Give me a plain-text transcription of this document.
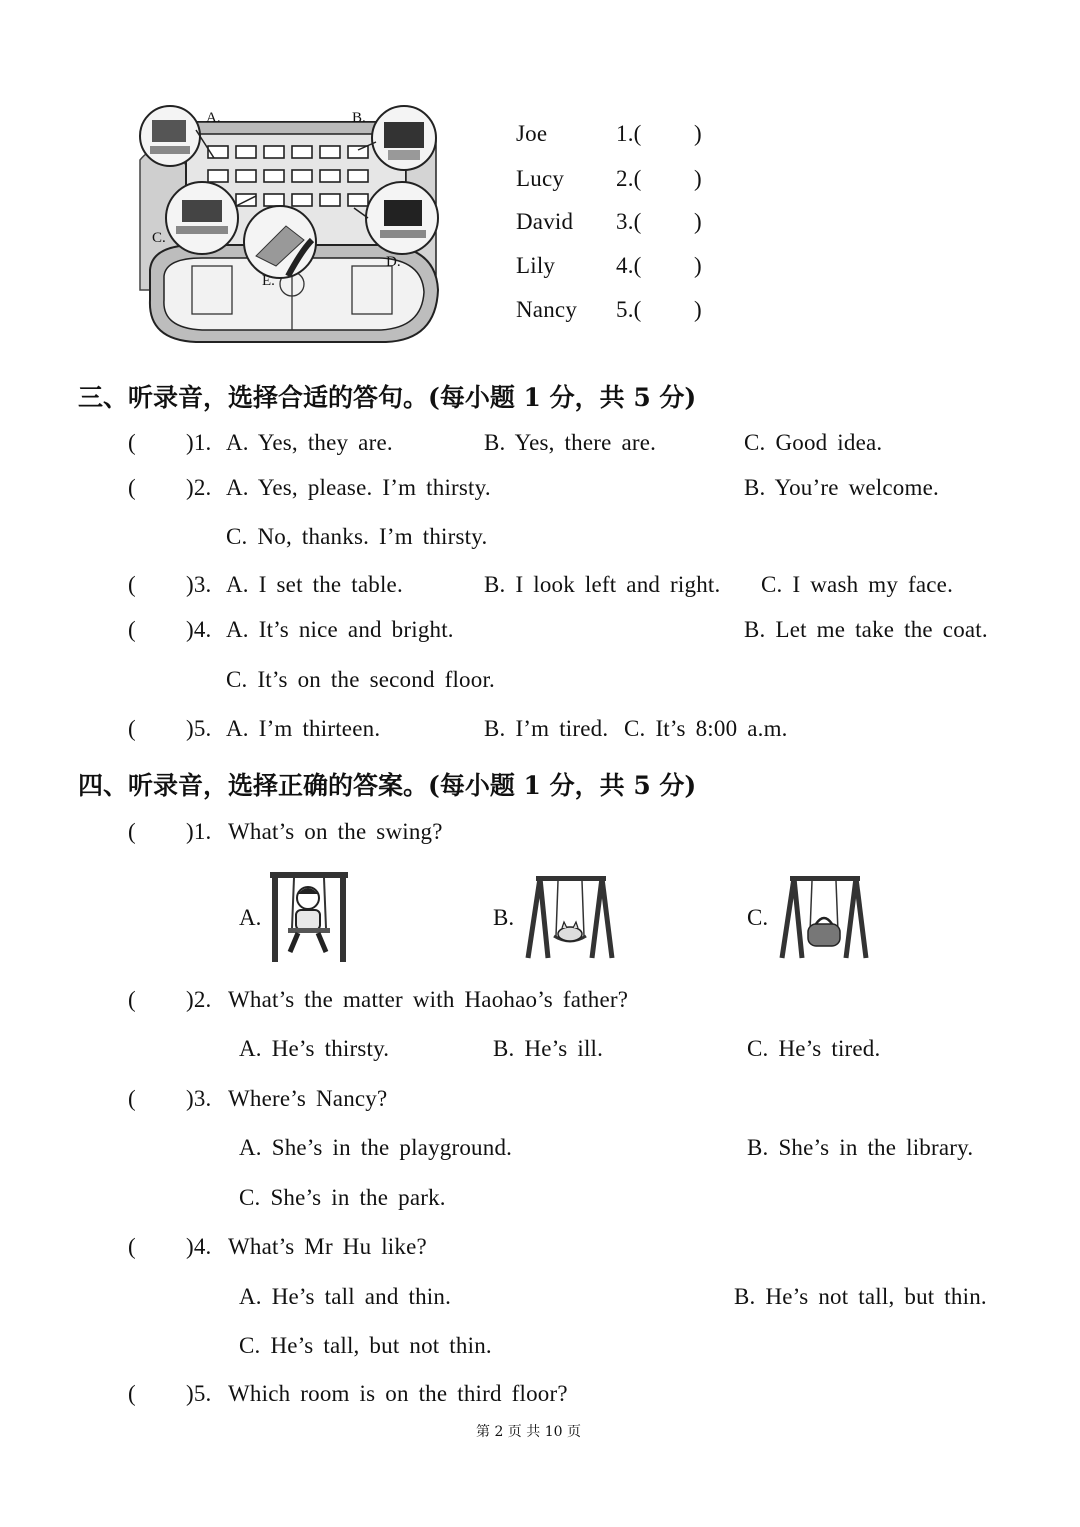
A.	B.
C.
D.
E.
Joe	1.( )
Lucy 2.( )
David 3.( )
Lily	4.( )
Nancy 5.( )
三、听录音，选择合适的答句。(每小题 1 分，共 5 分)
( )1. A. Yes, they are.	B. Yes, there are.	C. Good idea.
( )2. A. Yes, please. I’m thirsty.	B. You’re welcome.
C. No, thanks. I’m thirsty.
( )3. A. I set the table.	B. I look left and right. C. I wash my face.
( )4. A. It’s nice and bright.	B. Let me take the coat.
C. It’s on the second floor.
( )5. A. I’m thirteen.	B. I’m tired. C. It’s 8:00 a.m.
四、听录音，选择正确的答案。(每小题 1 分，共 5 分)
( )1. What’s on the swing?
A.	B.	C.
( )2. What’s the matter with Haohao’s father?
A. He’s thirsty.	B. He’s ill.	C. He’s tired.
( )3. Where’s Nancy?
A. She’s in the playground.	B. She’s in the library.
C. She’s in the park.
( )4. What’s Mr Hu like?
A. He’s tall and thin.	B. He’s not tall, but thin.
C. He’s tall, but not thin.
( )5. Which room is on the third floor?
第 2 页 共 10 页
